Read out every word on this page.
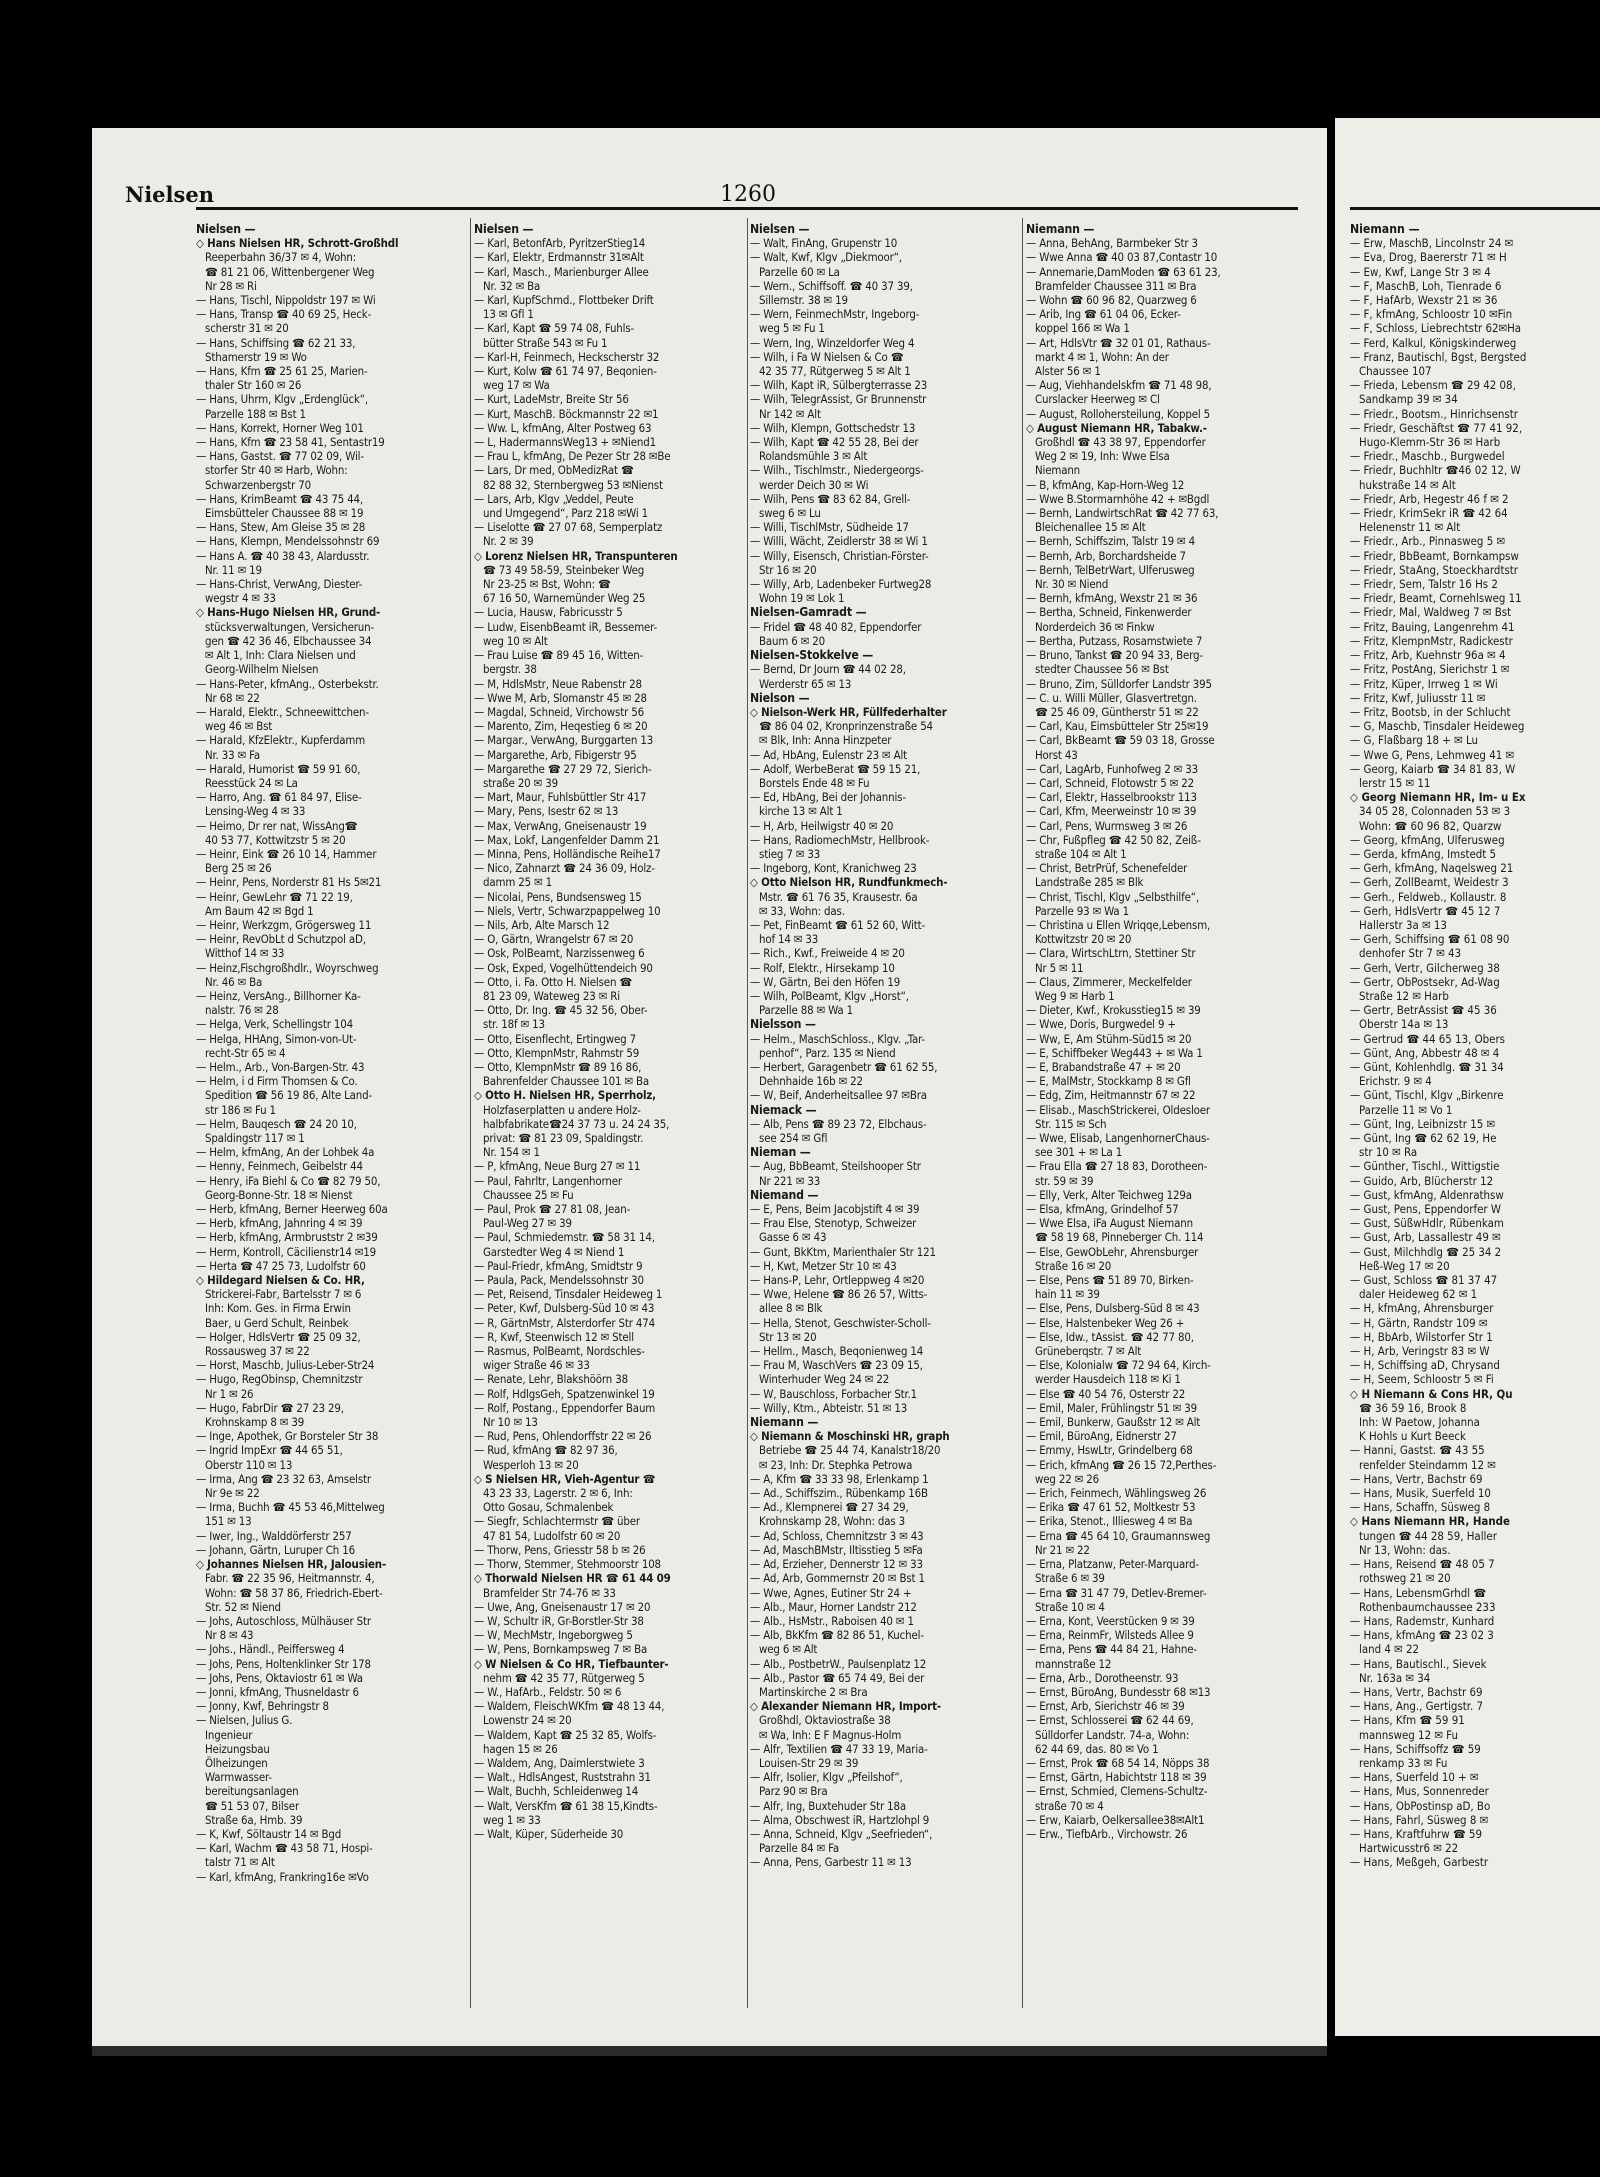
Nielsen	1260
Nielsen —
◇ Hans Nielsen HR, Schrott-Großhdl
Reeperbahn 36/37 ✉ 4, Wohn:
☎ 81 21 06, Wittenbergener Weg
Nr 28 ✉ Ri
— Hans, Tischl, Nippoldstr 197 ✉ Wi
— Hans, Transp ☎ 40 69 25, Heck-
scherstr 31 ✉ 20
— Hans, Schiffsing ☎ 62 21 33,
Sthamerstr 19 ✉ Wo
— Hans, Kfm ☎ 25 61 25, Marien-
thaler Str 160 ✉ 26
— Hans, Uhrm, Klgv „Erdenglück“,
Parzelle 188 ✉ Bst 1
— Hans, Korrekt, Horner Weg 101
— Hans, Kfm ☎ 23 58 41, Sentastr19
— Hans, Gastst. ☎ 77 02 09, Wil-
storfer Str 40 ✉ Harb, Wohn:
Schwarzenbergstr 70
— Hans, KrimBeamt ☎ 43 75 44,
Eimsbütteler Chaussee 88 ✉ 19
— Hans, Stew, Am Gleise 35 ✉ 28
— Hans, Klempn, Mendelssohnstr 69
— Hans A. ☎ 40 38 43, Alardusstr.
Nr. 11 ✉ 19
— Hans-Christ, VerwAng, Diester-
wegstr 4 ✉ 33
◇ Hans-Hugo Nielsen HR, Grund-
stücksverwaltungen, Versicherun-
gen ☎ 42 36 46, Elbchaussee 34
✉ Alt 1, Inh: Clara Nielsen und
Georg-Wilhelm Nielsen
— Hans-Peter, kfmAng., Osterbekstr.
Nr 68 ✉ 22
— Harald, Elektr., Schneewittchen-
weg 46 ✉ Bst
— Harald, KfzElektr., Kupferdamm
Nr. 33 ✉ Fa
— Harald, Humorist ☎ 59 91 60,
Reesstück 24 ✉ La
— Harro, Ang. ☎ 61 84 97, Elise-
Lensing-Weg 4 ✉ 33
— Heimo, Dr rer nat, WissAng☎
40 53 77, Kottwitzstr 5 ✉ 20
— Heinr, Eink ☎ 26 10 14, Hammer
Berg 25 ✉ 26
— Heinr, Pens, Norderstr 81 Hs 5✉21
— Heinr, GewLehr ☎ 71 22 19,
Am Baum 42 ✉ Bgd 1
— Heinr, Werkzgm, Grögersweg 11
— Heinr, RevObLt d Schutzpol aD,
Witthof 14 ✉ 33
— Heinz,Fischgroßhdlr., Woyrschweg
Nr. 46 ✉ Ba
— Heinz, VersAng., Billhorner Ka-
nalstr. 76 ✉ 28
— Helga, Verk, Schellingstr 104
— Helga, HHAng, Simon-von-Ut-
recht-Str 65 ✉ 4
— Helm., Arb., Von-Bargen-Str. 43
— Helm, i d Firm Thomsen & Co.
Spedition ☎ 56 19 86, Alte Land-
str 186 ✉ Fu 1
— Helm, Bauqesch ☎ 24 20 10,
Spaldingstr 117 ✉ 1
— Helm, kfmAng, An der Lohbek 4a
— Henny, Feinmech, Geibelstr 44
— Henry, iFa Biehl & Co ☎ 82 79 50,
Georg-Bonne-Str. 18 ✉ Nienst
— Herb, kfmAng, Berner Heerweg 60a
— Herb, kfmAng, Jahnring 4 ✉ 39
— Herb, kfmAng, Armbruststr 2 ✉39
— Herm, Kontroll, Cäcilienstr14 ✉19
— Herta ☎ 47 25 73, Ludolfstr 60
◇ Hildegard Nielsen & Co. HR,
Strickerei-Fabr, Bartelsstr 7 ✉ 6
Inh: Kom. Ges. in Firma Erwin
Baer, u Gerd Schult, Reinbek
— Holger, HdlsVertr ☎ 25 09 32,
Rossausweg 37 ✉ 22
— Horst, Maschb, Julius-Leber-Str24
— Hugo, RegObinsp, Chemnitzstr
Nr 1 ✉ 26
— Hugo, FabrDir ☎ 27 23 29,
Krohnskamp 8 ✉ 39
— Inge, Apothek, Gr Borsteler Str 38
— Ingrid ImpExr ☎ 44 65 51,
Oberstr 110 ✉ 13
— Irma, Ang ☎ 23 32 63, Amselstr
Nr 9e ✉ 22
— Irma, Buchh ☎ 45 53 46,Mittelweg
151 ✉ 13
— Iwer, Ing., Walddörferstr 257
— Johann, Gärtn, Luruper Ch 16
◇ Johannes Nielsen HR, Jalousien-
Fabr. ☎ 22 35 96, Heitmannstr. 4,
Wohn: ☎ 58 37 86, Friedrich-Ebert-
Str. 52 ✉ Niend
— Johs, Autoschloss, Mülhäuser Str
Nr 8 ✉ 43
— Johs., Händl., Peiffersweg 4
— Johs, Pens, Holtenklinker Str 178
— Johs, Pens, Oktaviostr 61 ✉ Wa
— Jonni, kfmAng, Thusneldastr 6
— Jonny, Kwf, Behringstr 8
— Nielsen, Julius G.
Ingenieur
Heizungsbau
Ölheizungen
Warmwasser-
bereitungsanlagen
☎ 51 53 07, Bilser
Straße 6a, Hmb. 39
— K, Kwf, Söltaustr 14 ✉ Bgd
— Karl, Wachm ☎ 43 58 71, Hospi-
talstr 71 ✉ Alt
— Karl, kfmAng, Frankring16e ✉Vo
Nielsen —
— Karl, BetonfArb, PyritzerStieg14
— Karl, Elektr, Erdmannstr 31✉Alt
— Karl, Masch., Marienburger Allee
Nr. 32 ✉ Ba
— Karl, KupfSchmd., Flottbeker Drift
13 ✉ Gfl 1
— Karl, Kapt ☎ 59 74 08, Fuhls-
bütter Straße 543 ✉ Fu 1
— Karl-H, Feinmech, Heckscherstr 32
— Kurt, Kolw ☎ 61 74 97, Beqonien-
weg 17 ✉ Wa
— Kurt, LadeMstr, Breite Str 56
— Kurt, MaschB. Böckmannstr 22 ✉1
— Ww. L, kfmAng, Alter Postweg 63
— L, HadermannsWeg13 + ✉Niend1
— Frau L, kfmAng, De Pezer Str 28 ✉Be
— Lars, Dr med, ObMedizRat ☎
82 88 32, Sternbergweg 53 ✉Nienst
— Lars, Arb, Klgv „Veddel, Peute
und Umgegend“, Parz 218 ✉Wi 1
— Liselotte ☎ 27 07 68, Semperplatz
Nr. 2 ✉ 39
◇ Lorenz Nielsen HR, Transpunteren
☎ 73 49 58-59, Steinbeker Weg
Nr 23-25 ✉ Bst, Wohn: ☎
67 16 50, Warnemünder Weg 25
— Lucia, Hausw, Fabricusstr 5
— Ludw, EisenbBeamt iR, Bessemer-
weg 10 ✉ Alt
— Frau Luise ☎ 89 45 16, Witten-
bergstr. 38
— M, HdlsMstr, Neue Rabenstr 28
— Wwe M, Arb, Slomanstr 45 ✉ 28
— Magdal, Schneid, Virchowstr 56
— Marento, Zim, Heqestieg 6 ✉ 20
— Margar., VerwAng, Burggarten 13
— Margarethe, Arb, Fibigerstr 95
— Margarethe ☎ 27 29 72, Sierich-
straße 20 ✉ 39
— Mart, Maur, Fuhlsbüttler Str 417
— Mary, Pens, Isestr 62 ✉ 13
— Max, VerwAng, Gneisenaustr 19
— Max, Lokf, Langenfelder Damm 21
— Minna, Pens, Holländische Reihe17
— Nico, Zahnarzt ☎ 24 36 09, Holz-
damm 25 ✉ 1
— Nicolai, Pens, Bundsensweg 15
— Niels, Vertr, Schwarzpappelweg 10
— Nils, Arb, Alte Marsch 12
— O, Gärtn, Wrangelstr 67 ✉ 20
— Osk, PolBeamt, Narzissenweg 6
— Osk, Exped, Vogelhüttendeich 90
— Otto, i. Fa. Otto H. Nielsen ☎
81 23 09, Wateweg 23 ✉ Ri
— Otto, Dr. Ing. ☎ 45 32 56, Ober-
str. 18f ✉ 13
— Otto, Eisenflecht, Ertingweg 7
— Otto, KlempnMstr, Rahmstr 59
— Otto, KlempnMstr ☎ 89 16 86,
Bahrenfelder Chaussee 101 ✉ Ba
◇ Otto H. Nielsen HR, Sperrholz,
Holzfaserplatten u andere Holz-
halbfabrikate☎24 37 73 u. 24 24 35,
privat: ☎ 81 23 09, Spaldingstr.
Nr. 154 ✉ 1
— P, kfmAng, Neue Burg 27 ✉ 11
— Paul, Fahrltr, Langenhorner
Chaussee 25 ✉ Fu
— Paul, Prok ☎ 27 81 08, Jean-
Paul-Weg 27 ✉ 39
— Paul, Schmiedemstr. ☎ 58 31 14,
Garstedter Weg 4 ✉ Niend 1
— Paul-Friedr, kfmAng, Smidtstr 9
— Paula, Pack, Mendelssohnstr 30
— Pet, Reisend, Tinsdaler Heideweg 1
— Peter, Kwf, Dulsberg-Süd 10 ✉ 43
— R, GärtnMstr, Alsterdorfer Str 474
— R, Kwf, Steenwisch 12 ✉ Stell
— Rasmus, PolBeamt, Nordschles-
wiger Straße 46 ✉ 33
— Renate, Lehr, Blakshöörn 38
— Rolf, HdlgsGeh, Spatzenwinkel 19
— Rolf, Postang., Eppendorfer Baum
Nr 10 ✉ 13
— Rud, Pens, Ohlendorffstr 22 ✉ 26
— Rud, kfmAng ☎ 82 97 36,
Wesperloh 13 ✉ 20
◇ S Nielsen HR, Vieh-Agentur ☎
43 23 33, Lagerstr. 2 ✉ 6, Inh:
Otto Gosau, Schmalenbek
— Siegfr, Schlachtermstr ☎ über
47 81 54, Ludolfstr 60 ✉ 20
— Thorw, Pens, Griesstr 58 b ✉ 26
— Thorw, Stemmer, Stehmoorstr 108
◇ Thorwald Nielsen HR ☎ 61 44 09
Bramfelder Str 74-76 ✉ 33
— Uwe, Ang, Gneisenaustr 17 ✉ 20
— W, Schultr iR, Gr-Borstler-Str 38
— W, MechMstr, Ingeborgweg 5
— W, Pens, Bornkampsweg 7 ✉ Ba
◇ W Nielsen & Co HR, Tiefbaunter-
nehm ☎ 42 35 77, Rütgerweg 5
— W., HafArb., Feldstr. 50 ✉ 6
— Waldem, FleischWKfm ☎ 48 13 44,
Lowenstr 24 ✉ 20
— Waldem, Kapt ☎ 25 32 85, Wolfs-
hagen 15 ✉ 26
— Waldem, Ang, Daimlerstwiete 3
— Walt., HdlsAngest, Ruststrahn 31
— Walt, Buchh, Schleidenweg 14
— Walt, VersKfm ☎ 61 38 15,Kindts-
weg 1 ✉ 33
— Walt, Küper, Süderheide 30
Nielsen —
— Walt, FinAng, Grupenstr 10
— Walt, Kwf, Klgv „Diekmoor“,
Parzelle 60 ✉ La
— Wern., Schiffsoff. ☎ 40 37 39,
Sillemstr. 38 ✉ 19
— Wern, FeinmechMstr, Ingeborg-
weg 5 ✉ Fu 1
— Wern, Ing, Winzeldorfer Weg 4
— Wilh, i Fa W Nielsen & Co ☎
42 35 77, Rütgerweg 5 ✉ Alt 1
— Wilh, Kapt iR, Sülbergterrasse 23
— Wilh, TelegrAssist, Gr Brunnenstr
Nr 142 ✉ Alt
— Wilh, Klempn, Gottschedstr 13
— Wilh, Kapt ☎ 42 55 28, Bei der
Rolandsmühle 3 ✉ Alt
— Wilh., Tischlmstr., Niedergeorgs-
werder Deich 30 ✉ Wi
— Wilh, Pens ☎ 83 62 84, Grell-
sweg 6 ✉ Lu
— Willi, TischlMstr, Südheide 17
— Willi, Wächt, Zeidlerstr 38 ✉ Wi 1
— Willy, Eisensch, Christian-Förster-
Str 16 ✉ 20
— Willy, Arb, Ladenbeker Furtweg28
Wohn 19 ✉ Lok 1
Nielsen-Gamradt —
— Fridel ☎ 48 40 82, Eppendorfer
Baum 6 ✉ 20
Nielsen-Stokkelve —
— Bernd, Dr Journ ☎ 44 02 28,
Werderstr 65 ✉ 13
Nielson —
◇ Nielson-Werk HR, Füllfederhalter
☎ 86 04 02, Kronprinzenstraße 54
✉ Blk, Inh: Anna Hinzpeter
— Ad, HbAng, Eulenstr 23 ✉ Alt
— Adolf, WerbeBerat ☎ 59 15 21,
Borstels Ende 48 ✉ Fu
— Ed, HbAng, Bei der Johannis-
kirche 13 ✉ Alt 1
— H, Arb, Heilwigstr 40 ✉ 20
— Hans, RadiomechMstr, Hellbrook-
stieg 7 ✉ 33
— Ingeborg, Kont, Kranichweg 23
◇ Otto Nielson HR, Rundfunkmech-
Mstr. ☎ 61 76 35, Krausestr. 6a
✉ 33, Wohn: das.
— Pet, FinBeamt ☎ 61 52 60, Witt-
hof 14 ✉ 33
— Rich., Kwf., Freiweide 4 ✉ 20
— Rolf, Elektr., Hirsekamp 10
— W, Gärtn, Bei den Höfen 19
— Wilh, PolBeamt, Klgv „Horst“,
Parzelle 88 ✉ Wa 1
Nielsson —
— Helm., MaschSchloss., Klgv. „Tar-
penhof“, Parz. 135 ✉ Niend
— Herbert, Garagenbetr ☎ 61 62 55,
Dehnhaide 16b ✉ 22
— W, Beif, Anderheitsallee 97 ✉Bra
Niemack —
— Alb, Pens ☎ 89 23 72, Elbchaus-
see 254 ✉ Gfl
Nieman —
— Aug, BbBeamt, Steilshooper Str
Nr 221 ✉ 33
Niemand —
— E, Pens, Beim Jacobjstift 4 ✉ 39
— Frau Else, Stenotyp, Schweizer
Gasse 6 ✉ 43
— Gunt, BkKtm, Marienthaler Str 121
— H, Kwt, Metzer Str 10 ✉ 43
— Hans-P, Lehr, Ortleppweg 4 ✉20
— Wwe, Helene ☎ 86 26 57, Witts-
allee 8 ✉ Blk
— Hella, Stenot, Geschwister-Scholl-
Str 13 ✉ 20
— Hellm., Masch, Beqonienweg 14
— Frau M, WaschVers ☎ 23 09 15,
Winterhuder Weg 24 ✉ 22
— W, Bauschloss, Forbacher Str.1
— Willy, Ktm., Abteistr. 51 ✉ 13
Niemann —
◇ Niemann & Moschinski HR, graph
Betriebe ☎ 25 44 74, Kanalstr18/20
✉ 23, Inh: Dr. Stephka Petrowa
— A, Kfm ☎ 33 33 98, Erlenkamp 1
— Ad., Schiffszim., Rübenkamp 16B
— Ad., Klempnerei ☎ 27 34 29,
Krohnskamp 28, Wohn: das 3
— Ad, Schloss, Chemnitzstr 3 ✉ 43
— Ad, MaschBMstr, Iltisstieg 5 ✉Fa
— Ad, Erzieher, Dennerstr 12 ✉ 33
— Ad, Arb, Gommernstr 20 ✉ Bst 1
— Wwe, Agnes, Eutiner Str 24 +
— Alb., Maur, Horner Landstr 212
— Alb., HsMstr., Raboisen 40 ✉ 1
— Alb, BkKfm ☎ 82 86 51, Kuchel-
weg 6 ✉ Alt
— Alb., PostbetrW., Paulsenplatz 12
— Alb., Pastor ☎ 65 74 49, Bei der
Martinskirche 2 ✉ Bra
◇ Alexander Niemann HR, Import-
Großhdl, Oktaviostraße 38
✉ Wa, Inh: E F Magnus-Holm
— Alfr, Textilien ☎ 47 33 19, Maria-
Louisen-Str 29 ✉ 39
— Alfr, Isolier, Klgv „Pfeilshof“,
Parz 90 ✉ Bra
— Alfr, Ing, Buxtehuder Str 18a
— Alma, Obschwest iR, Hartzlohpl 9
— Anna, Schneid, Klgv „Seefrieden“,
Parzelle 84 ✉ Fa
— Anna, Pens, Garbestr 11 ✉ 13
Niemann —
— Anna, BehAng, Barmbeker Str 3
— Wwe Anna ☎ 40 03 87,Contastr 10
— Annemarie,DamModen ☎ 63 61 23,
Bramfelder Chaussee 311 ✉ Bra
— Wohn ☎ 60 96 82, Quarzweg 6
— Arib, Ing ☎ 61 04 06, Ecker-
koppel 166 ✉ Wa 1
— Art, HdlsVtr ☎ 32 01 01, Rathaus-
markt 4 ✉ 1, Wohn: An der
Alster 56 ✉ 1
— Aug, Viehhandelskfm ☎ 71 48 98,
Curslacker Heerweg ✉ Cl
— August, Rollohersteilung, Koppel 5
◇ August Niemann HR, Tabakw.-
Großhdl ☎ 43 38 97, Eppendorfer
Weg 2 ✉ 19, Inh: Wwe Elsa
Niemann
— B, kfmAng, Kap-Horn-Weg 12
— Wwe B.Stormarnhöhe 42 + ✉Bgdl
— Bernh, LandwirtschRat ☎ 42 77 63,
Bleichenallee 15 ✉ Alt
— Bernh, Schiffszim, Talstr 19 ✉ 4
— Bernh, Arb, Borchardsheide 7
— Bernh, TelBetrWart, Ulferusweg
Nr. 30 ✉ Niend
— Bernh, kfmAng, Wexstr 21 ✉ 36
— Bertha, Schneid, Finkenwerder
Norderdeich 36 ✉ Finkw
— Bertha, Putzass, Rosamstwiete 7
— Bruno, Tankst ☎ 20 94 33, Berg-
stedter Chaussee 56 ✉ Bst
— Bruno, Zim, Sülldorfer Landstr 395
— C. u. Willi Müller, Glasvertretgn.
☎ 25 46 09, Güntherstr 51 ✉ 22
— Carl, Kau, Eimsbütteler Str 25✉19
— Carl, BkBeamt ☎ 59 03 18, Grosse
Horst 43
— Carl, LagArb, Funhofweg 2 ✉ 33
— Carl, Schneid, Flotowstr 5 ✉ 22
— Carl, Elektr, Hasselbrookstr 113
— Carl, Kfm, Meerweinstr 10 ✉ 39
— Carl, Pens, Wurmsweg 3 ✉ 26
— Chr, Fußpfleg ☎ 42 50 82, Zeiß-
straße 104 ✉ Alt 1
— Christ, BetrPrüf, Schenefelder
Landstraße 285 ✉ Blk
— Christ, Tischl, Klgv „Selbsthilfe“,
Parzelle 93 ✉ Wa 1
— Christina u Ellen Wriqqe,Lebensm,
Kottwitzstr 20 ✉ 20
— Clara, WirtschLtrn, Stettiner Str
Nr 5 ✉ 11
— Claus, Zimmerer, Meckelfelder
Weg 9 ✉ Harb 1
— Dieter, Kwf., Krokusstieg15 ✉ 39
— Wwe, Doris, Burgwedel 9 +
— Ww, E, Am Stühm-Süd15 ✉ 20
— E, Schiffbeker Weg443 + ✉ Wa 1
— E, Brabandstraße 47 + ✉ 20
— E, MalMstr, Stockkamp 8 ✉ Gfl
— Edg, Zim, Heitmannstr 67 ✉ 22
— Elisab., MaschStrickerei, Oldesloer
Str. 115 ✉ Sch
— Wwe, Elisab, LangenhornerChaus-
see 301 + ✉ La 1
— Frau Ella ☎ 27 18 83, Dorotheen-
str. 59 ✉ 39
— Elly, Verk, Alter Teichweg 129a
— Elsa, kfmAng, Grindelhof 57
— Wwe Elsa, iFa August Niemann
☎ 58 19 68, Pinneberger Ch. 114
— Else, GewObLehr, Ahrensburger
Straße 16 ✉ 20
— Else, Pens ☎ 51 89 70, Birken-
hain 11 ✉ 39
— Else, Pens, Dulsberg-Süd 8 ✉ 43
— Else, Halstenbeker Weg 26 +
— Else, Idw., tAssist. ☎ 42 77 80,
Grüneberqstr. 7 ✉ Alt
— Else, Kolonialw ☎ 72 94 64, Kirch-
werder Hausdeich 118 ✉ Ki 1
— Else ☎ 40 54 76, Osterstr 22
— Emil, Maler, Frühlingstr 51 ✉ 39
— Emil, Bunkerw, Gaußstr 12 ✉ Alt
— Emil, BüroAng, Eidnerstr 27
— Emmy, HswLtr, Grindelberg 68
— Erich, kfmAng ☎ 26 15 72,Perthes-
weg 22 ✉ 26
— Erich, Feinmech, Wählingsweg 26
— Erika ☎ 47 61 52, Moltkestr 53
— Erika, Stenot., Illiesweg 4 ✉ Ba
— Erna ☎ 45 64 10, Graumannsweg
Nr 21 ✉ 22
— Erna, Platzanw, Peter-Marquard-
Straße 6 ✉ 39
— Erna ☎ 31 47 79, Detlev-Bremer-
Straße 10 ✉ 4
— Erna, Kont, Veerstücken 9 ✉ 39
— Erna, ReinmFr, Wilsteds Allee 9
— Erna, Pens ☎ 44 84 21, Hahne-
mannstraße 12
— Erna, Arb., Dorotheenstr. 93
— Ernst, BüroAng, Bundesstr 68 ✉13
— Ernst, Arb, Sierichstr 46 ✉ 39
— Ernst, Schlosserei ☎ 62 44 69,
Sülldorfer Landstr. 74-a, Wohn:
62 44 69, das. 80 ✉ Vo 1
— Ernst, Prok ☎ 68 54 14, Nöpps 38
— Ernst, Gärtn, Habichtstr 118 ✉ 39
— Ernst, Schmied, Clemens-Schultz-
straße 70 ✉ 4
— Erw, Kaiarb, Oelkersallee38✉Alt1
— Erw., TiefbArb., Virchowstr. 26
Niemann —
— Erw, MaschB, Lincolnstr 24 ✉
— Eva, Drog, Baererstr 71 ✉ H
— Ew, Kwf, Lange Str 3 ✉ 4
— F, MaschB, Loh, Tienrade 6
— F, HafArb, Wexstr 21 ✉ 36
— F, kfmAng, Schloostr 10 ✉Fin
— F, Schloss, Liebrechtstr 62✉Ha
— Ferd, Kalkul, Königskinderweg
— Franz, Bautischl, Bgst, Bergsted
Chaussee 107
— Frieda, Lebensm ☎ 29 42 08,
Sandkamp 39 ✉ 34
— Friedr., Bootsm., Hinrichsenstr
— Friedr, Geschäftst ☎ 77 41 92,
Hugo-Klemm-Str 36 ✉ Harb
— Friedr., Maschb., Burgwedel
— Friedr, Buchhltr ☎46 02 12, W
hukstraße 14 ✉ Alt
— Friedr, Arb, Hegestr 46 f ✉ 2
— Friedr, KrimSekr iR ☎ 42 64
Helenenstr 11 ✉ Alt
— Friedr., Arb., Pinnasweg 5 ✉
— Friedr, BbBeamt, Bornkampsw
— Friedr, StaAng, Stoeckhardtstr
— Friedr, Sem, Talstr 16 Hs 2
— Friedr, Beamt, Cornehlsweg 11
— Friedr, Mal, Waldweg 7 ✉ Bst
— Fritz, Bauing, Langenrehm 41
— Fritz, KlempnMstr, Radickestr
— Fritz, Arb, Kuehnstr 96a ✉ 4
— Fritz, PostAng, Sierichstr 1 ✉
— Fritz, Küper, Irrweg 1 ✉ Wi
— Fritz, Kwf, Juliusstr 11 ✉
— Fritz, Bootsb, in der Schlucht
— G, Maschb, Tinsdaler Heideweg
— G, Flaßbarg 18 + ✉ Lu
— Wwe G, Pens, Lehmweg 41 ✉
— Georg, Kaiarb ☎ 34 81 83, W
lerstr 15 ✉ 11
◇ Georg Niemann HR, Im- u Ex
34 05 28, Colonnaden 53 ✉ 3
Wohn: ☎ 60 96 82, Quarzw
— Georg, kfmAng, Ulferusweg
— Gerda, kfmAng, Imstedt 5
— Gerh, kfmAng, Naqelsweg 21
— Gerh, ZollBeamt, Weidestr 3
— Gerh., Feldweb., Kollaustr. 8
— Gerh, HdlsVertr ☎ 45 12 7
Hallerstr 3a ✉ 13
— Gerh, Schiffsing ☎ 61 08 90
denhofer Str 7 ✉ 43
— Gerh, Vertr, Gilcherweg 38
— Gertr, ObPostsekr, Ad-Wag
Straße 12 ✉ Harb
— Gertr, BetrAssist ☎ 45 36
Oberstr 14a ✉ 13
— Gertrud ☎ 44 65 13, Obers
— Günt, Ang, Abbestr 48 ✉ 4
— Günt, Kohlenhdlg. ☎ 31 34
Erichstr. 9 ✉ 4
— Günt, Tischl, Klgv „Birkenre
Parzelle 11 ✉ Vo 1
— Günt, Ing, Leibnizstr 15 ✉
— Günt, Ing ☎ 62 62 19, He
str 10 ✉ Ra
— Günther, Tischl., Wittigstie
— Guido, Arb, Blücherstr 12
— Gust, kfmAng, Aldenrathsw
— Gust, Pens, Eppendorfer W
— Gust, SüßwHdlr, Rübenkam
— Gust, Arb, Lassallestr 49 ✉
— Gust, Milchhdlg ☎ 25 34 2
Heß-Weg 17 ✉ 20
— Gust, Schloss ☎ 81 37 47
daler Heideweg 62 ✉ 1
— H, kfmAng, Ahrensburger
— H, Gärtn, Randstr 109 ✉
— H, BbArb, Wilstorfer Str 1
— H, Arb, Veringstr 83 ✉ W
— H, Schiffsing aD, Chrysand
— H, Seem, Schloostr 5 ✉ Fi
◇ H Niemann & Cons HR, Qu
☎ 36 59 16, Brook 8
Inh: W Paetow, Johanna
K Hohls u Kurt Beeck
— Hanni, Gastst. ☎ 43 55
renfelder Steindamm 12 ✉
— Hans, Vertr, Bachstr 69
— Hans, Musik, Suerfeld 10
— Hans, Schaffn, Süsweg 8
◇ Hans Niemann HR, Hande
tungen ☎ 44 28 59, Haller
Nr 13, Wohn: das.
— Hans, Reisend ☎ 48 05 7
rothsweg 21 ✉ 20
— Hans, LebensmGrhdl ☎
Rothenbaumchaussee 233
— Hans, Rademstr, Kunhard
— Hans, kfmAng ☎ 23 02 3
land 4 ✉ 22
— Hans, Bautischl., Sievek
Nr. 163a ✉ 34
— Hans, Vertr, Bachstr 69
— Hans, Ang., Gertigstr. 7
— Hans, Kfm ☎ 59 91
mannsweg 12 ✉ Fu
— Hans, Schiffsoffz ☎ 59
renkamp 33 ✉ Fu
— Hans, Suerfeld 10 + ✉
— Hans, Mus, Sonnenreder
— Hans, ObPostinsp aD, Bo
— Hans, Fahrl, Süsweg 8 ✉
— Hans, Kraftfuhrw ☎ 59
Hartwicusstr6 ✉ 22
— Hans, Meßgeh, Garbestr
